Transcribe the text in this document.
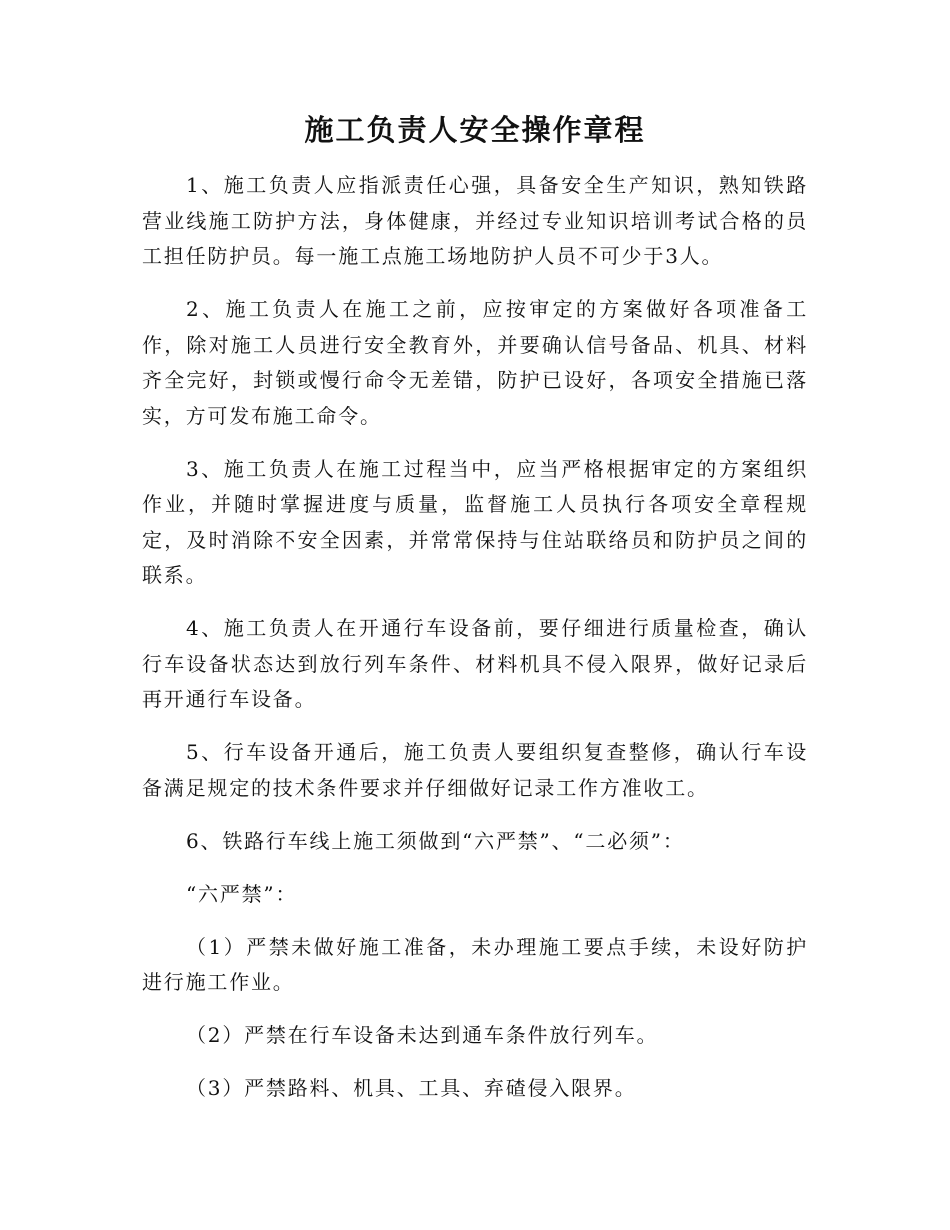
施工负责人安全操作章程

1、施工负责人应指派责任心强，具备安全生产知识，熟知铁路营业线施工防护方法，身体健康，并经过专业知识培训考试合格的员工担任防护员。每一施工点施工场地防护人员不可少于3人。

2、施工负责人在施工之前，应按审定的方案做好各项准备工作，除对施工人员进行安全教育外，并要确认信号备品、机具、材料齐全完好，封锁或慢行命令无差错，防护已设好，各项安全措施已落实，方可发布施工命令。

3、施工负责人在施工过程当中，应当严格根据审定的方案组织作业，并随时掌握进度与质量，监督施工人员执行各项安全章程规定，及时消除不安全因素，并常常保持与住站联络员和防护员之间的联系。

4、施工负责人在开通行车设备前，要仔细进行质量检查，确认行车设备状态达到放行列车条件、材料机具不侵入限界，做好记录后再开通行车设备。

5、行车设备开通后，施工负责人要组织复查整修，确认行车设备满足规定的技术条件要求并仔细做好记录工作方准收工。

6、铁路行车线上施工须做到“六严禁”、“二必须”：

“六严禁”：

（1）严禁未做好施工准备，未办理施工要点手续，未设好防护进行施工作业。

（2）严禁在行车设备未达到通车条件放行列车。

（3）严禁路料、机具、工具、弃碴侵入限界。
